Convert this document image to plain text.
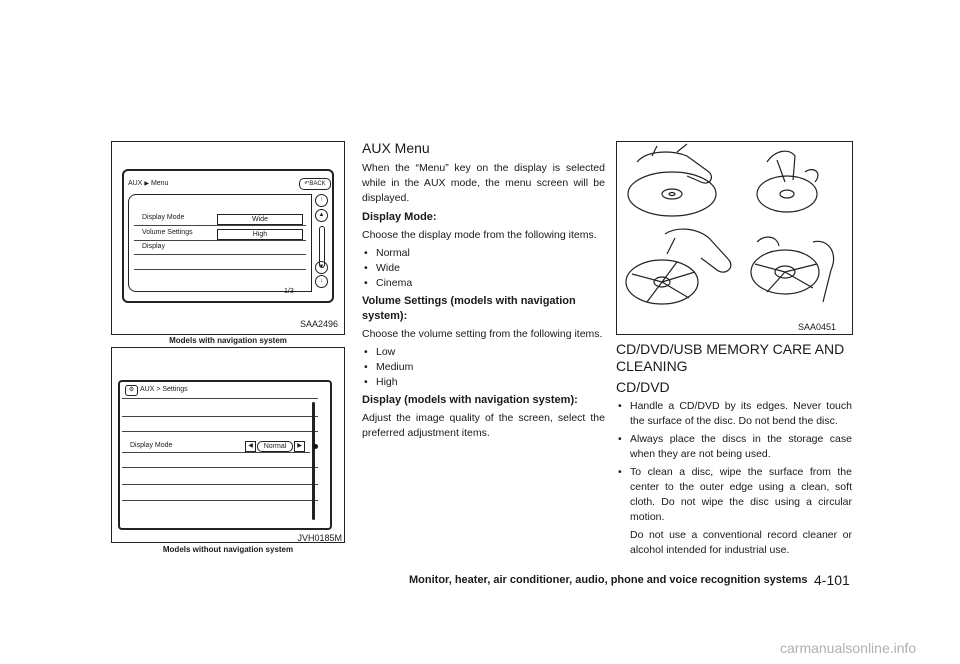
AUX ▶ Menu	↶BACK
Display Mode	Wide
Volume Settings	High
Display
↑
▲
▼
↓
1/3
SAA2496
Models with navigation system
⚙ AUX > Settings
Display Mode	◀	Normal	▶
JVH0185M
Models without navigation system
SAA0451
AUX Menu

When the “Menu” key on the display is selected while in the AUX mode, the menu screen will be displayed.

Display Mode:

Choose the display mode from the following items.

• Normal
• Wide
• Cinema
Volume Settings (models with navigation system):

Choose the volume setting from the following items.

• Low
• Medium
• High
Display (models with navigation system):

Adjust the image quality of the screen, select the preferred adjustment items.

CD/DVD/USB MEMORY CARE AND CLEANING
CD/DVD
• Handle a CD/DVD by its edges. Never touch the surface of the disc. Do not bend the disc.
• Always place the discs in the storage case when they are not being used.
• To clean a disc, wipe the surface from the center to the outer edge using a clean, soft cloth. Do not wipe the disc using a circular motion.

Do not use a conventional record cleaner or alcohol intended for industrial use.

Monitor, heater, air conditioner, audio, phone and voice recognition systems 4-101
carmanualsonline.info
